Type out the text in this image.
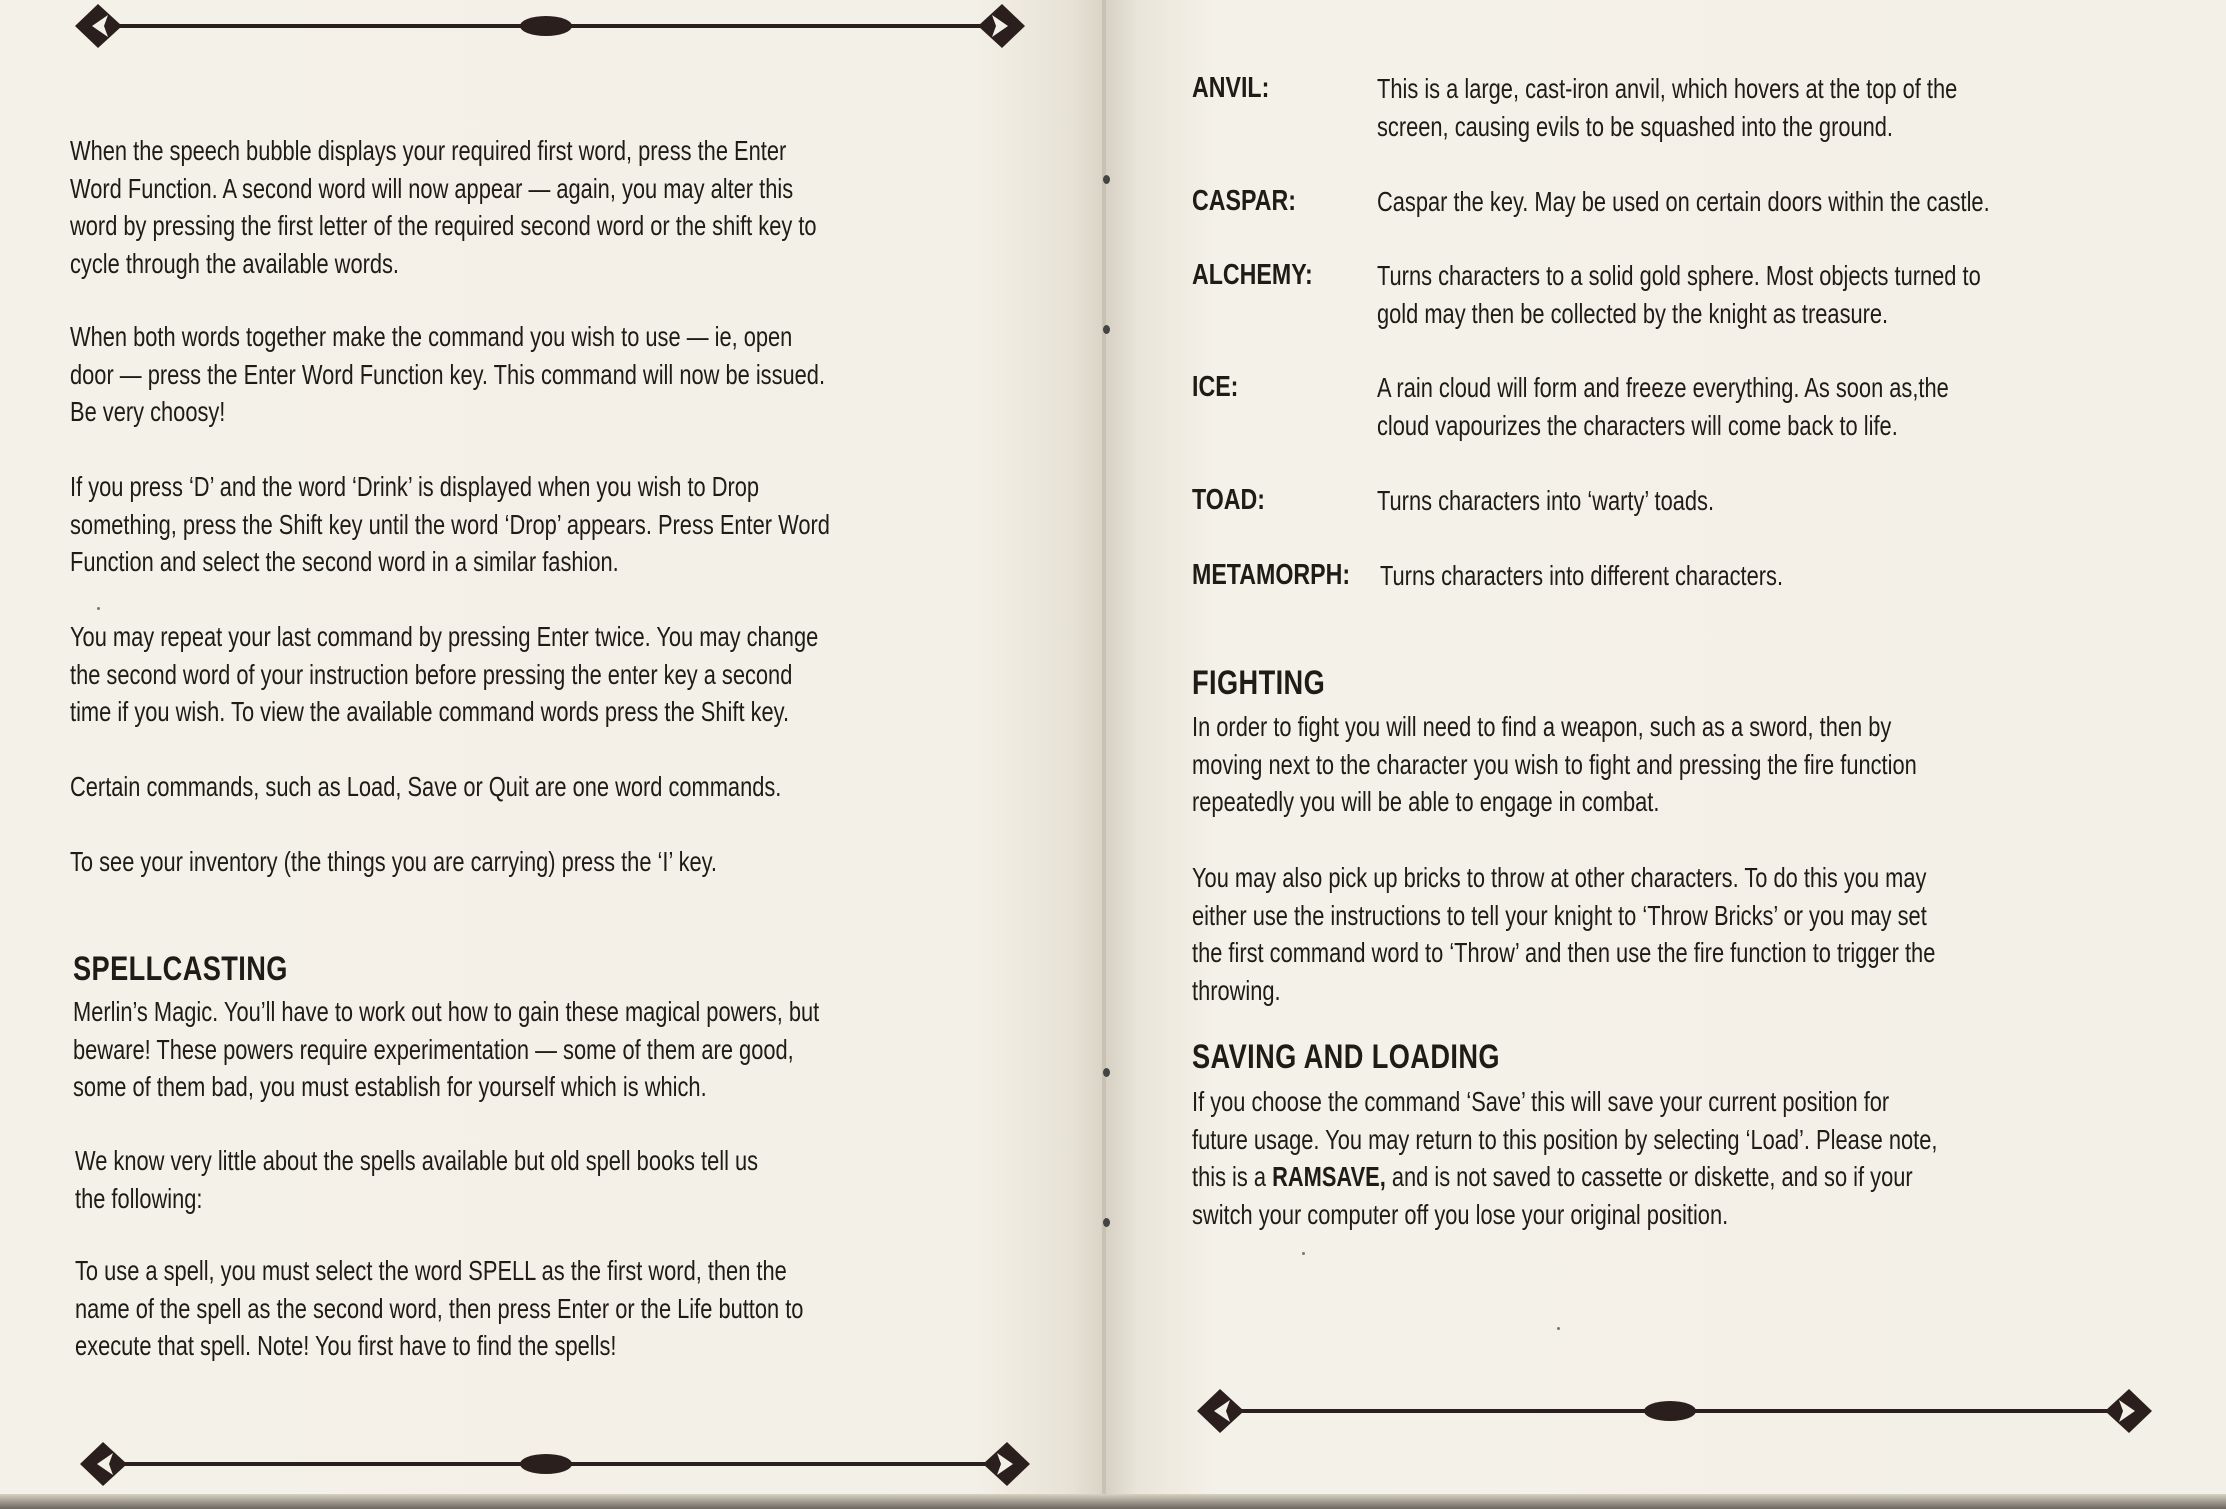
When the speech bubble displays your required first word, press the Enter
Word Function. A second word will now appear — again, you may alter this
word by pressing the first letter of the required second word or the shift key to
cycle through the available words.
When both words together make the command you wish to use — ie, open
door — press the Enter Word Function key. This command will now be issued.
Be very choosy!
If you press ‘D’ and the word ‘Drink’ is displayed when you wish to Drop
something, press the Shift key until the word ‘Drop’ appears. Press Enter Word
Function and select the second word in a similar fashion.
You may repeat your last command by pressing Enter twice. You may change
the second word of your instruction before pressing the enter key a second
time if you wish. To view the available command words press the Shift key.
Certain commands, such as Load, Save or Quit are one word commands.
To see your inventory (the things you are carrying) press the ‘I’ key.
SPELLCASTING
Merlin’s Magic. You’ll have to work out how to gain these magical powers, but
beware! These powers require experimentation — some of them are good,
some of them bad, you must establish for yourself which is which.
We know very little about the spells available but old spell books tell us
the following:
To use a spell, you must select the word SPELL as the first word, then the
name of the spell as the second word, then press Enter or the Life button to
execute that spell. Note! You first have to find the spells!
ANVIL:	This is a large, cast-iron anvil, which hovers at the top of the
screen, causing evils to be squashed into the ground.
CASPAR:	Caspar the key. May be used on certain doors within the castle.
ALCHEMY: Turns characters to a solid gold sphere. Most objects turned to
gold may then be collected by the knight as treasure.
ICE:	A rain cloud will form and freeze everything. As soon as,the
cloud vapourizes the characters will come back to life.
TOAD:	Turns characters into ‘warty’ toads.
METAMORPH: Turns characters into different characters.
FIGHTING
In order to fight you will need to find a weapon, such as a sword, then by
moving next to the character you wish to fight and pressing the fire function
repeatedly you will be able to engage in combat.
You may also pick up bricks to throw at other characters. To do this you may
either use the instructions to tell your knight to ‘Throw Bricks’ or you may set
the first command word to ‘Throw’ and then use the fire function to trigger the
throwing.
SAVING AND LOADING
If you choose the command ‘Save’ this will save your current position for
future usage. You may return to this position by selecting ‘Load’. Please note,
this is a RAMSAVE, and is not saved to cassette or diskette, and so if your
switch your computer off you lose your original position.
